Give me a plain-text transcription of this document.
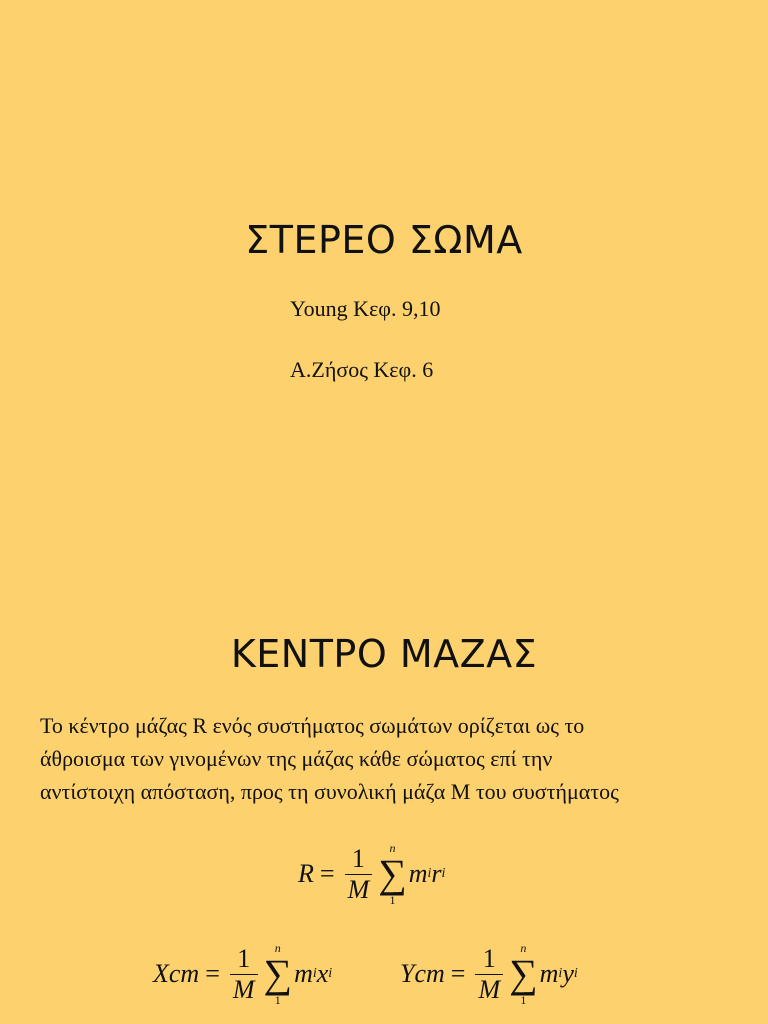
ΣΤΕΡΕΟ ΣΩΜΑ
Young Κεφ. 9,10
Α.Ζήσος Κεφ. 6
ΚΕΝΤΡΟ ΜΑΖΑΣ
Το κέντρο μάζας R ενός συστήματος σωμάτων ορίζεται ως το
άθροισμα των γινομένων της μάζας κάθε σώματος επί την
αντίστοιχη απόσταση, προς τη συνολική μάζα Μ του συστήματος
$R = \frac{1}{M}$ n
∑
1
m i r i
Xcm = $\frac{1}{M}$ n
∑
1
m i x i	Ycm = $\frac{1}{M}$ n
∑
1
m i y i
